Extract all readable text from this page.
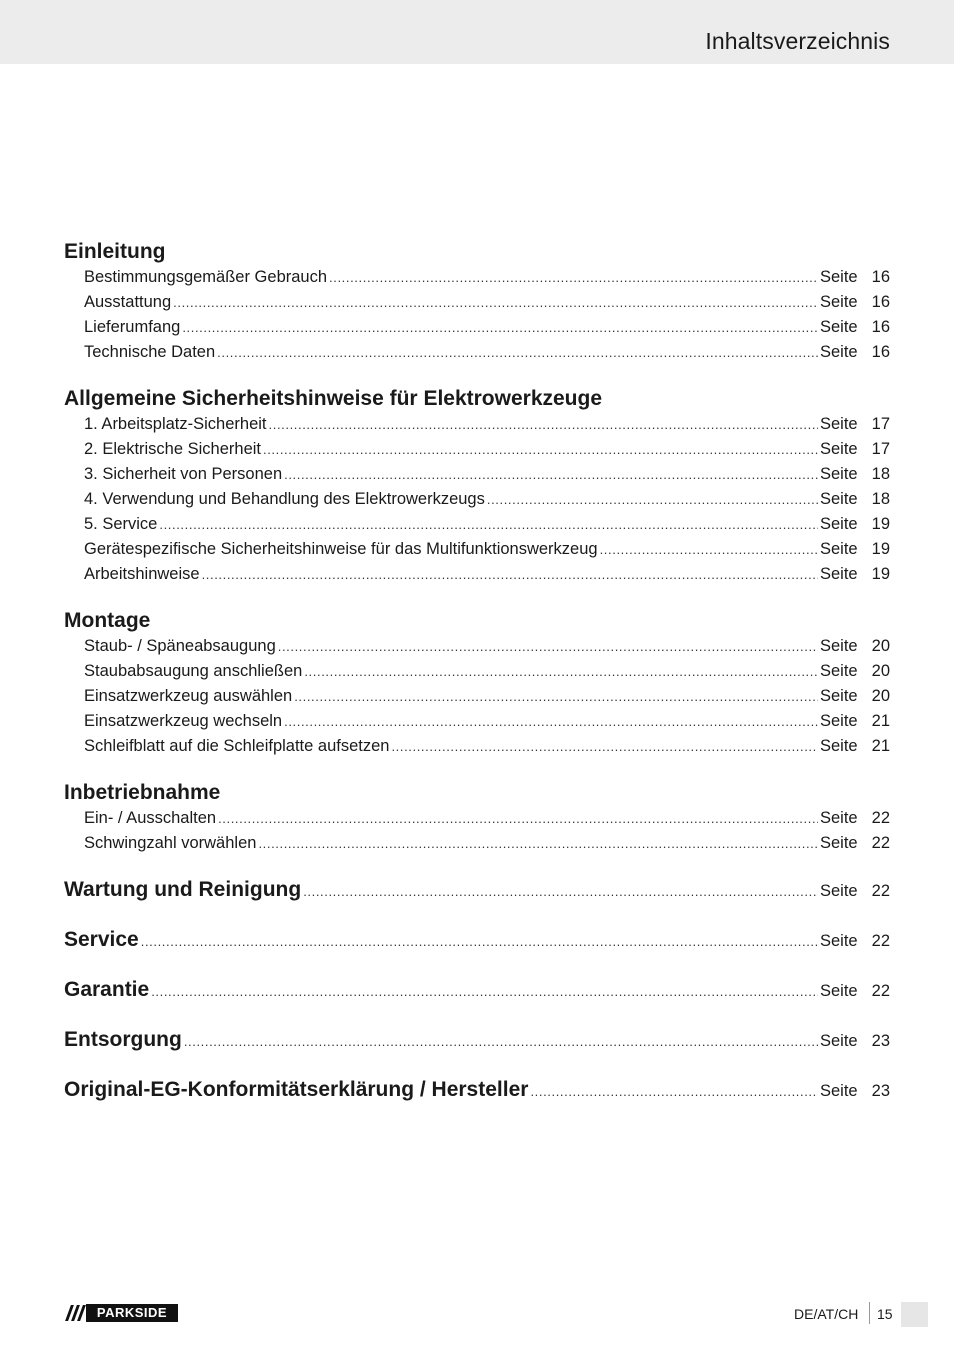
Inhaltsverzeichnis
Einleitung
Bestimmungsgemäßer Gebrauch .....	Seite 16
Ausstattung .....	Seite 16
Lieferumfang .....	Seite 16
Technische Daten .....	Seite 16
Allgemeine Sicherheitshinweise für Elektrowerkzeuge
1. Arbeitsplatz-Sicherheit .....	Seite 17
2. Elektrische Sicherheit .....	Seite 17
3. Sicherheit von Personen .....	Seite 18
4. Verwendung und Behandlung des Elektrowerkzeugs .....	Seite 18
5. Service .....	Seite 19
Gerätespezifische Sicherheitshinweise für das Multifunktionswerkzeug .....	Seite 19
Arbeitshinweise .....	Seite 19
Montage
Staub- / Späneabsaugung .....	Seite 20
Staubabsaugung anschließen .....	Seite 20
Einsatzwerkzeug auswählen .....	Seite 20
Einsatzwerkzeug wechseln .....	Seite 21
Schleifblatt auf die Schleifplatte aufsetzen .....	Seite 21
Inbetriebnahme
Ein- / Ausschalten .....	Seite 22
Schwingzahl vorwählen .....	Seite 22
Wartung und Reinigung .....	Seite 22
Service .....	Seite 22
Garantie .....	Seite 22
Entsorgung .....	Seite 23
Original-EG-Konformitätserklärung / Hersteller .....	Seite 23
PARKSIDE	DE/AT/CH 15
